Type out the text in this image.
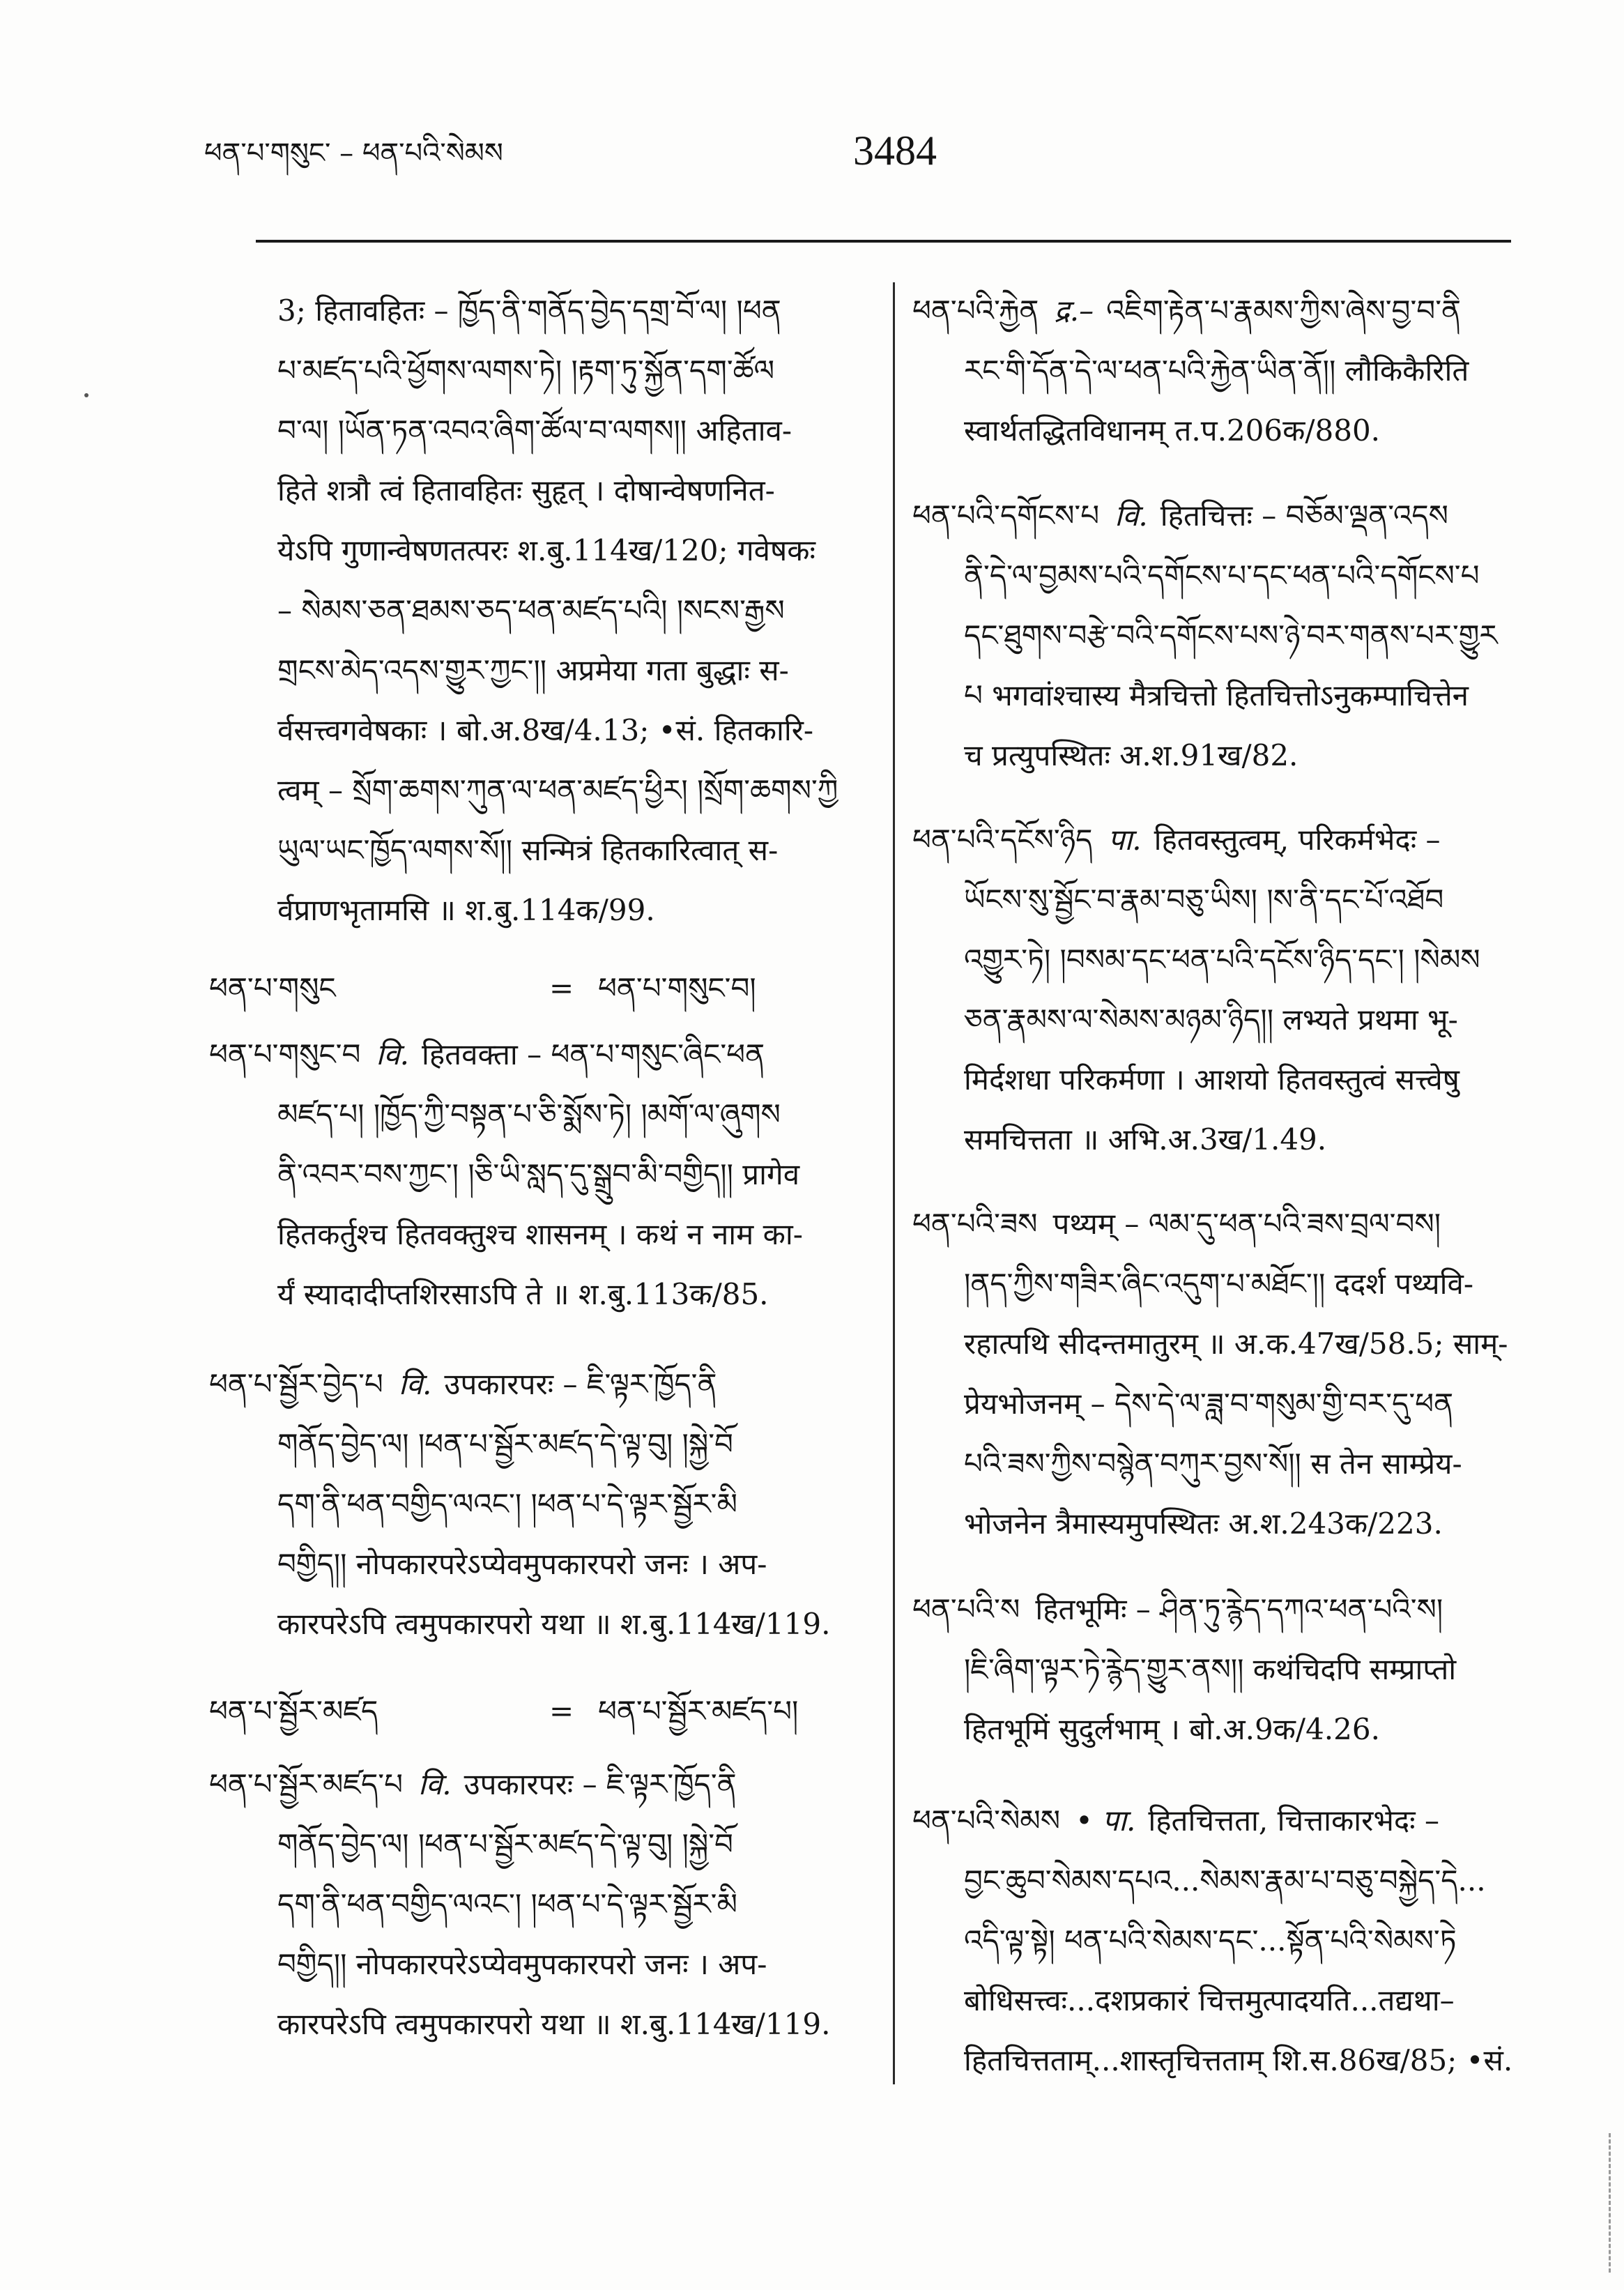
ཕན་པ་གསུང་ – ཕན་པའི་སེམས	3484
3; हितावहितः – ཁྱོད་ནི་གནོད་བྱེད་དགྲ་བོ་ལ། །ཕན
པ་མཛད་པའི་ཕྱོགས་ལགས་ཏེ། །རྟག་ཏུ་སྐྱོན་དག་ཚོལ
བ་ལ། །ཡོན་ཏན་འབའ་ཞིག་ཚོལ་བ་ལགས།། अहिताव-
हिते शत्रौ त्वं हितावहितः सुहृत् । दोषान्वेषणनित-
येऽपि गुणान्वेषणतत्परः श.बु.114ख/120; गवेषकः
– སེམས་ཅན་ཐམས་ཅད་ཕན་མཛད་པའི། །སངས་རྒྱས
གྲངས་མེད་འདས་གྱུར་ཀྱང་།། अप्रमेया गता बुद्धाः स-
र्वसत्त्वगवेषकाः । बो.अ.8ख/4.13; •सं. हितकारि-
त्वम् – སྲོག་ཆགས་ཀུན་ལ་ཕན་མཛད་ཕྱིར། །སྲོག་ཆགས་ཀྱི
ཡུལ་ཡང་ཁྱོད་ལགས་སོ།། सन्मित्रं हितकारित्वात् स-
र्वप्राणभृतामसि ॥ श.बु.114क/99.
ཕན་པ་གསུང	= ཕན་པ་གསུང་བ།
ཕན་པ་གསུང་བ वि. हितवक्ता – ཕན་པ་གསུང་ཞིང་ཕན
མཛད་པ། །ཁྱོད་ཀྱི་བསྟན་པ་ཅི་སྨོས་ཏེ། །མགོ་ལ་ཞུགས
ནི་འབར་བས་ཀྱང་། །ཅི་ཡི་སླད་དུ་སྒྲུབ་མི་བགྱིད།། प्रागेव
हितकर्तुश्च हितवक्तुश्च शासनम् । कथं न नाम का-
र्यं स्यादादीप्तशिरसाऽपि ते ॥ श.बु.113क/85.
ཕན་པ་སྦྱོར་བྱེད་པ वि. उपकारपरः – ཇི་ལྟར་ཁྱོད་ནི
གནོད་བྱེད་ལ། །ཕན་པ་སྦྱོར་མཛད་དེ་ལྟ་བུ། །སྐྱེ་བོ
དག་ནི་ཕན་བགྱིད་ལའང་། །ཕན་པ་དེ་ལྟར་སྦྱོར་མི
བགྱིད།། नोपकारपरेऽप्येवमुपकारपरो जनः । अप-
कारपरेऽपि त्वमुपकारपरो यथा ॥ श.बु.114ख/119.
ཕན་པ་སྦྱོར་མཛད	= ཕན་པ་སྦྱོར་མཛད་པ།
ཕན་པ་སྦྱོར་མཛད་པ वि. उपकारपरः – ཇི་ལྟར་ཁྱོད་ནི
གནོད་བྱེད་ལ། །ཕན་པ་སྦྱོར་མཛད་དེ་ལྟ་བུ། །སྐྱེ་བོ
དག་ནི་ཕན་བགྱིད་ལའང་། །ཕན་པ་དེ་ལྟར་སྦྱོར་མི
བགྱིད།། नोपकारपरेऽप्येवमुपकारपरो जनः । अप-
कारपरेऽपि त्वमुपकारपरो यथा ॥ श.बु.114ख/119.
ཕན་པའི་རྐྱེན द्र.– འཇིག་རྟེན་པ་རྣམས་ཀྱིས་ཞེས་བྱ་བ་ནི
རང་གི་དོན་དེ་ལ་ཕན་པའི་རྐྱེན་ཡིན་ནོ།། लौकिकैरिति
स्वार्थतद्धितविधानम् त.प.206क/880.
ཕན་པའི་དགོངས་པ वि. हितचित्तः – བཅོམ་ལྡན་འདས
ནི་དེ་ལ་བྱམས་པའི་དགོངས་པ་དང་ཕན་པའི་དགོངས་པ
དང་ཐུགས་བརྩེ་བའི་དགོངས་པས་ཉེ་བར་གནས་པར་གྱུར
པ भगवांश्चास्य मैत्रचित्तो हितचित्तोऽनुकम्पाचित्तेन
च प्रत्युपस्थितः अ.श.91ख/82.
ཕན་པའི་དངོས་ཉིད पा. हितवस्तुत्वम्, परिकर्मभेदः –
ཡོངས་སུ་སྦྱོང་བ་རྣམ་བཅུ་ཡིས། །ས་ནི་དང་པོ་འཐོབ
འགྱུར་ཏེ། །བསམ་དང་ཕན་པའི་དངོས་ཉིད་དང་། །སེམས
ཅན་རྣམས་ལ་སེམས་མཉམ་ཉིད།། लभ्यते प्रथमा भू-
मिर्दशधा परिकर्मणा । आशयो हितवस्तुत्वं सत्त्वेषु
समचित्तता ॥ अभि.अ.3ख/1.49.
ཕན་པའི་ཟས पथ्यम् – ལམ་དུ་ཕན་པའི་ཟས་བྲལ་བས།
།ནད་ཀྱིས་གཟིར་ཞིང་འདུག་པ་མཐོང་།། ददर्श पथ्यवि-
रहात्पथि सीदन्तमातुरम् ॥ अ.क.47ख/58.5; साम्-
प्रेयभोजनम् – དེས་དེ་ལ་ཟླ་བ་གསུམ་གྱི་བར་དུ་ཕན
པའི་ཟས་ཀྱིས་བསྙེན་བཀུར་བྱས་སོ།། स तेन साम्प्रेय-
भोजनेन त्रैमास्यमुपस्थितः अ.श.243क/223.
ཕན་པའི་ས हितभूमिः – ཤིན་ཏུ་རྙེད་དཀའ་ཕན་པའི་ས།
།ཇི་ཞིག་ལྟར་ཏེ་རྙེད་གྱུར་ནས།། कथंचिदपि सम्प्राप्तो
हितभूमिं सुदुर्लभाम् । बो.अ.9क/4.26.
ཕན་པའི་སེམས • पा. हितचित्तता, चित्ताकारभेदः –
བྱང་ཆུབ་སེམས་དཔའ...སེམས་རྣམ་པ་བཅུ་བསྐྱེད་དེ...
འདི་ལྟ་སྟེ། ཕན་པའི་སེམས་དང་...སྟོན་པའི་སེམས་ཏེ
बोधिसत्त्वः...दशप्रकारं चित्तमुत्पादयति...तद्यथा–
हितचित्तताम्...शास्तृचित्तताम् शि.स.86ख/85; •सं.
